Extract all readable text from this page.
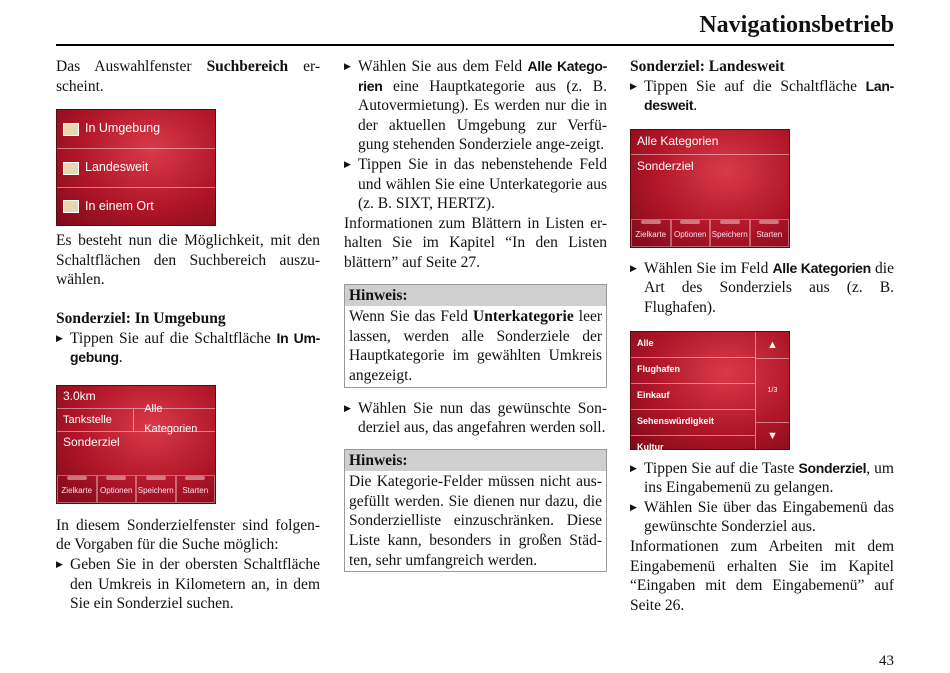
Navigationsbetrieb

Das Auswahlfenster Suchbereich er-scheint.

In Umgebung
Landesweit
In einem Ort

Es besteht nun die Möglichkeit, mit den Schaltflächen den Suchbereich auszu-wählen.

Sonderziel: In Umgebung

▶ Tippen Sie auf die Schaltfläche In Um-gebung.

3.0km
Tankstelle
Alle Kategorien
Sonderziel
Zielkarte Optionen Speichern	Starten

In diesem Sonderzielfenster sind folgen-de Vorgaben für die Suche möglich:

▶ Geben Sie in der obersten Schaltfläche den Umkreis in Kilometern an, in dem Sie ein Sonderziel suchen.

▶ Wählen Sie aus dem Feld Alle Katego-rien eine Hauptkategorie aus (z. B. Autovermietung). Es werden nur die in der aktuellen Umgebung zur Verfü-gung stehenden Sonderziele ange-zeigt.

▶ Tippen Sie in das nebenstehende Feld und wählen Sie eine Unterkategorie aus (z. B. SIXT, HERTZ).

Informationen zum Blättern in Listen er-halten Sie im Kapitel “In den Listen blättern” auf Seite 27.

Hinweis:
Wenn Sie das Feld Unterkategorie leer lassen, werden alle Sonderziele der Hauptkategorie im gewählten Umkreis angezeigt.

▶ Wählen Sie nun das gewünschte Son-derziel aus, das angefahren werden soll.

Hinweis:
Die Kategorie-Felder müssen nicht aus-gefüllt werden. Sie dienen nur dazu, die Sonderzielliste einzuschränken. Diese Liste kann, besonders in großen Städ-ten, sehr umfangreich werden.

Sonderziel: Landesweit

▶ Tippen Sie auf die Schaltfläche Lan-desweit.

Alle Kategorien
Sonderziel
Zielkarte Optionen Speichern	Starten

▶ Wählen Sie im Feld Alle Kategorien die Art des Sonderziels aus (z. B. Flughafen).

Alle
Flughafen
Einkauf
Sehenswürdigkeit
Kultur
▲
1/3
▼

▶ Tippen Sie auf die Taste Sonderziel, um ins Eingabemenü zu gelangen.

▶ Wählen Sie über das Eingabemenü das gewünschte Sonderziel aus.

Informationen zum Arbeiten mit dem Eingabemenü erhalten Sie im Kapitel “Eingaben mit dem Eingabemenü” auf Seite 26.

43
